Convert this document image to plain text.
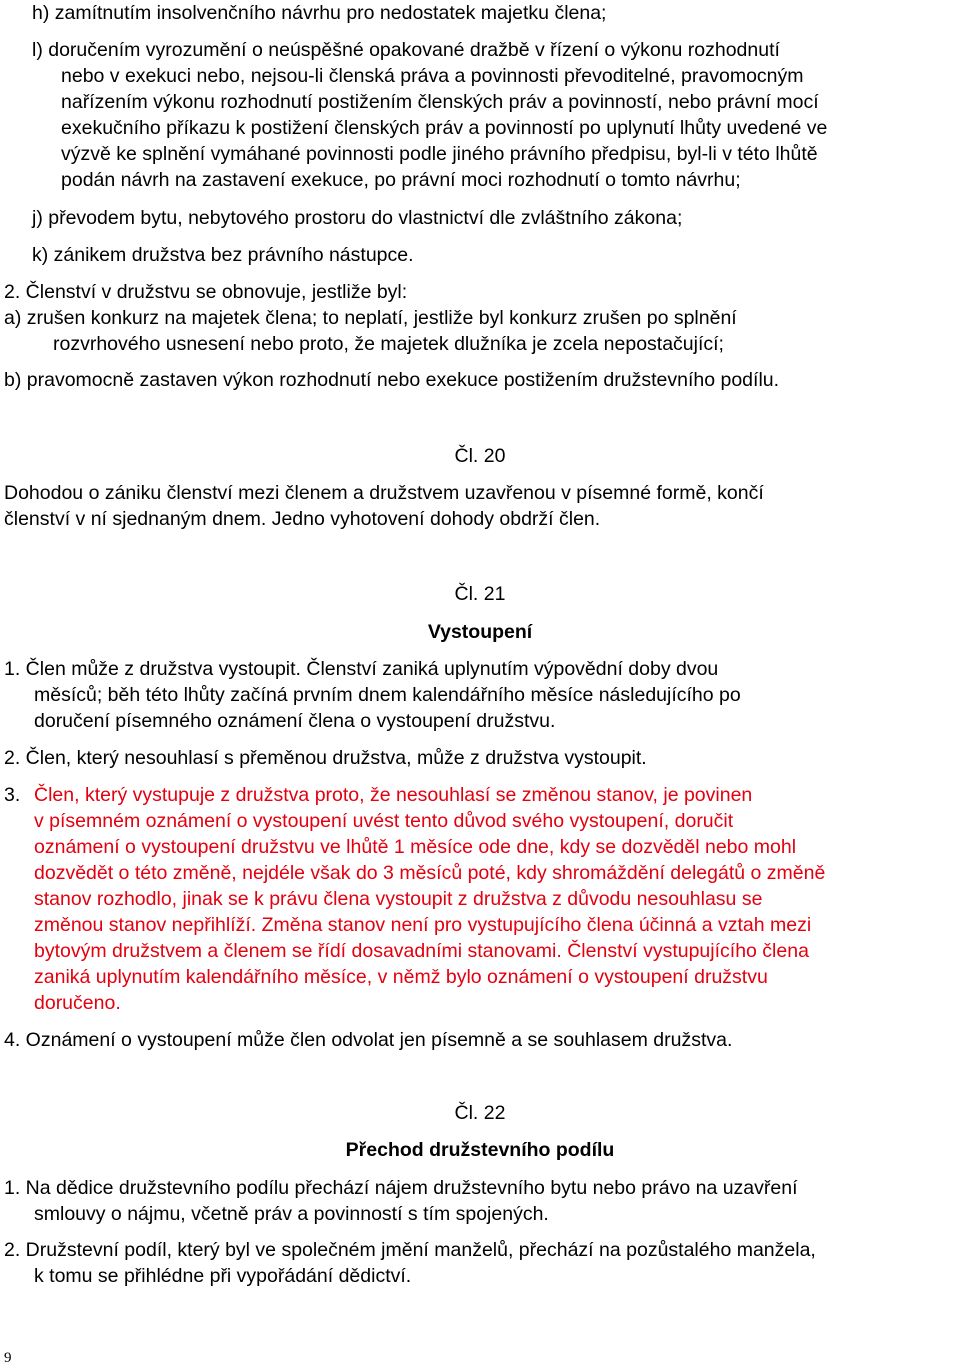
h) zamítnutím insolvenčního návrhu pro nedostatek majetku člena;
l) doručením vyrozumění o neúspěšné opakované dražbě v řízení o výkonu rozhodnutí
nebo v exekuci nebo, nejsou-li členská práva a povinnosti převoditelné, pravomocným
nařízením výkonu rozhodnutí postižením členských práv a povinností, nebo právní mocí
exekučního příkazu k postižení členských práv a povinností po uplynutí lhůty uvedené ve
výzvě ke splnění vymáhané povinnosti podle jiného právního předpisu, byl-li v této lhůtě
podán návrh na zastavení exekuce, po právní moci rozhodnutí o tomto návrhu;
j) převodem bytu, nebytového prostoru do vlastnictví dle zvláštního zákona;
k) zánikem družstva bez právního nástupce.
2. Členství v družstvu se obnovuje, jestliže byl:
a) zrušen konkurz na majetek člena; to neplatí, jestliže byl konkurz zrušen po splnění
rozvrhového usnesení nebo proto, že majetek dlužníka je zcela nepostačující;
b) pravomocně zastaven výkon rozhodnutí nebo exekuce postižením družstevního podílu.
Čl. 20
Dohodou o zániku členství mezi členem a družstvem uzavřenou v písemné formě, končí
členství v ní sjednaným dnem. Jedno vyhotovení dohody obdrží člen.
Čl. 21
Vystoupení
1. Člen může z družstva vystoupit. Členství zaniká uplynutím výpovědní doby dvou
měsíců; běh této lhůty začíná prvním dnem kalendářního měsíce následujícího po
doručení písemného oznámení člena o vystoupení družstvu.
2. Člen, který nesouhlasí s přeměnou družstva, může z družstva vystoupit.
3. Člen, který vystupuje z družstva proto, že nesouhlasí se změnou stanov, je povinen
v písemném oznámení o vystoupení uvést tento důvod svého vystoupení, doručit
oznámení o vystoupení družstvu ve lhůtě 1 měsíce ode dne, kdy se dozvěděl nebo mohl
dozvědět o této změně, nejdéle však do 3 měsíců poté, kdy shromáždění delegátů o změně
stanov rozhodlo, jinak se k právu člena vystoupit z družstva z důvodu nesouhlasu se
změnou stanov nepřihlíží. Změna stanov není pro vystupujícího člena účinná a vztah mezi
bytovým družstvem a členem se řídí dosavadními stanovami. Členství vystupujícího člena
zaniká uplynutím kalendářního měsíce, v němž bylo oznámení o vystoupení družstvu
doručeno.
4. Oznámení o vystoupení může člen odvolat jen písemně a se souhlasem družstva.
Čl. 22
Přechod družstevního podílu
1. Na dědice družstevního podílu přechází nájem družstevního bytu nebo právo na uzavření
smlouvy o nájmu, včetně práv a povinností s tím spojených.
2. Družstevní podíl, který byl ve společném jmění manželů, přechází na pozůstalého manžela,
k tomu se přihlédne při vypořádání dědictví.
9
